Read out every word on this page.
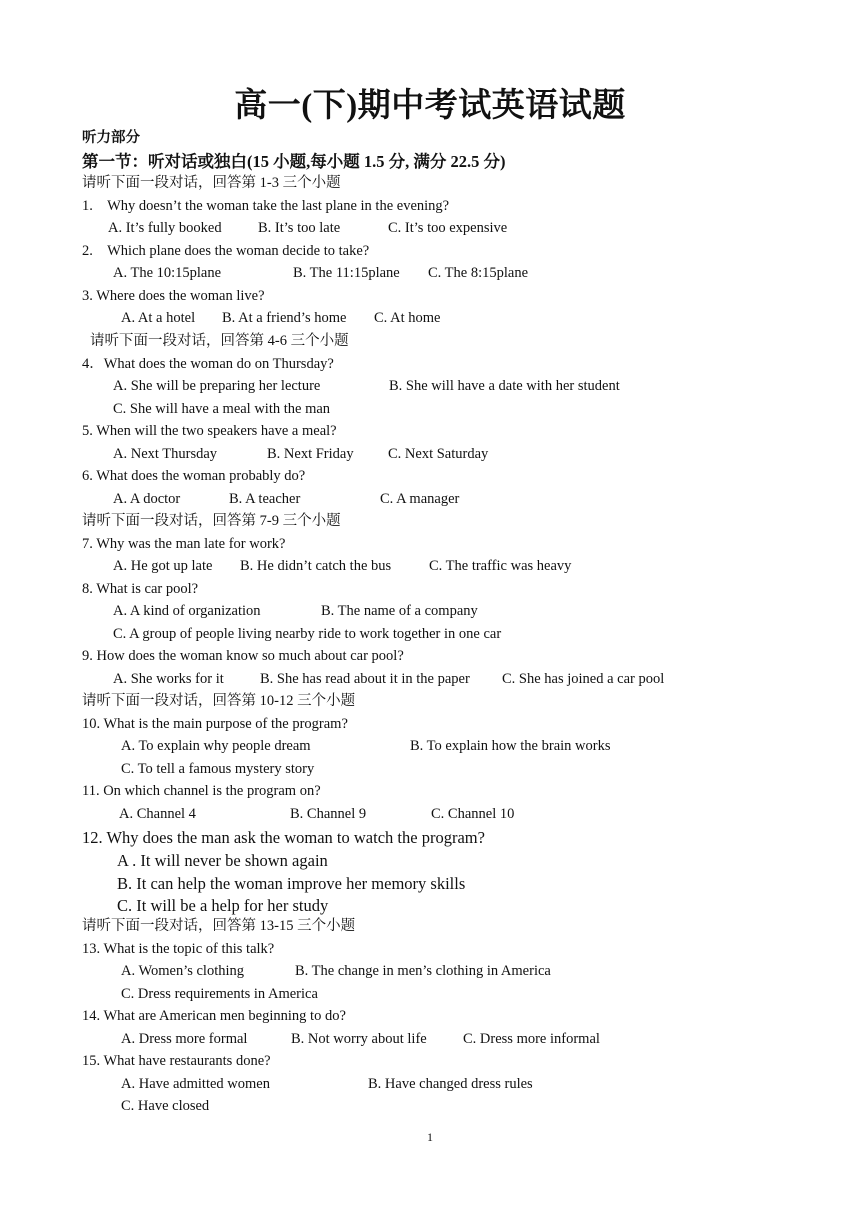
高一(下)期中考试英语试题
听力部分
第一节：听对话或独白(15 小题,每小题 1.5 分, 满分 22.5 分)
请听下面一段对话，回答第 1-3 三个小题
1.    Why doesn’t the woman take the last plane in the evening?
A. It’s fully booked	B. It’s too late	C. It’s too expensive
2.    Which plane does the woman decide to take?
A. The 10:15plane	B. The 11:15plane C. The 8:15plane
3. Where does the woman live?
A. At a hotel B. At a friend’s home C. At home
请听下面一段对话，回答第 4-6 三个小题
4．What does the woman do on Thursday?
A. She will be preparing her lecture	B. She will have a date with her student
C. She will have a meal with the man
5. When will the two speakers have a meal?
A. Next Thursday	B. Next Friday C. Next Saturday
6. What does the woman probably do?
A. A doctor	B. A teacher	C. A manager
请听下面一段对话，回答第 7-9 三个小题
7. Why was the man late for work?
A. He got up late B. He didn’t catch the bus	C. The traffic was heavy
8. What is car pool?
A. A kind of organization	B. The name of a company
C. A group of people living nearby ride to work together in one car
9. How does the woman know so much about car pool?
A. She works for it B. She has read about it in the paper C. She has joined a car pool
请听下面一段对话，回答第 10-12 三个小题
10. What is the main purpose of the program?
A. To explain why people dream	B. To explain how the brain works
C. To tell a famous mystery story
11. On which channel is the program on?
A. Channel 4	B. Channel 9	C. Channel 10
12. Why does the man ask the woman to watch the program?
A . It will never be shown again
B. It can help the woman improve her memory skills
C. It will be a help for her study
请听下面一段对话，回答第 13-15 三个小题
13. What is the topic of this talk?
A. Women’s clothing	B. The change in men’s clothing in America
C. Dress requirements in America
14. What are American men beginning to do?
A. Dress more formal	B. Not worry about life	C. Dress more informal
15. What have restaurants done?
A. Have admitted women	B. Have changed dress rules
C. Have closed
1
